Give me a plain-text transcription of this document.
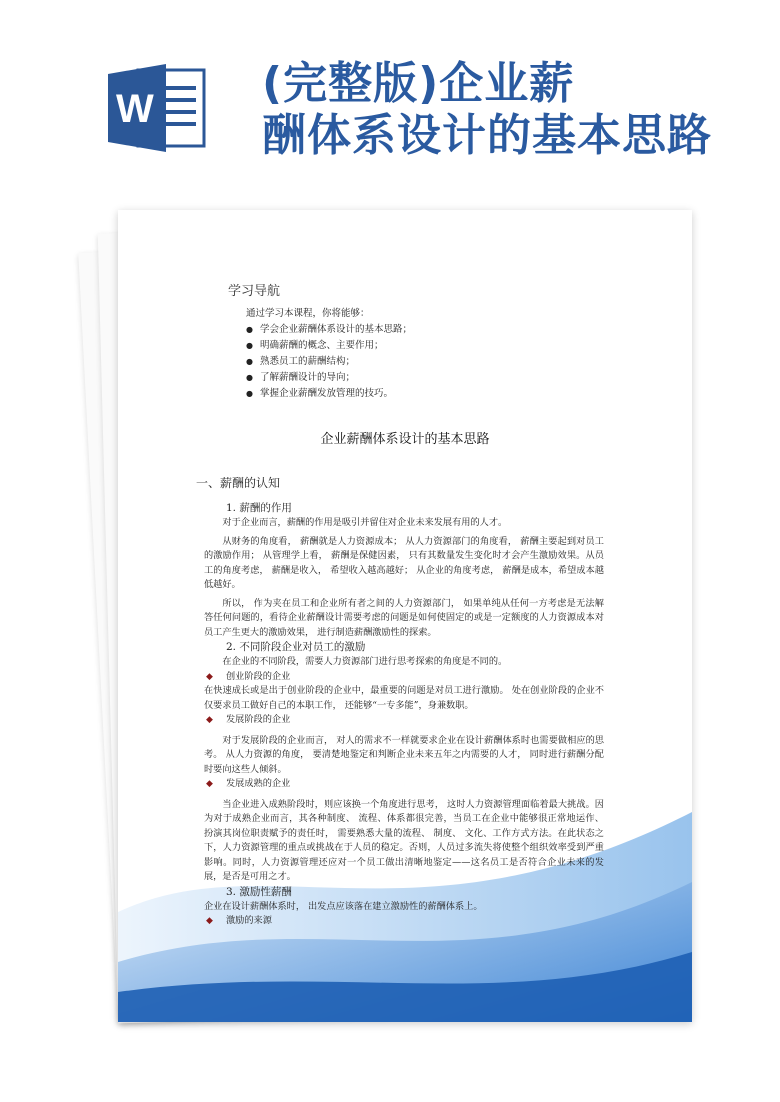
W (完整版)企业薪
酬体系设计的基本思路
学习导航
通过学习本课程，你将能够：
● 学会企业薪酬体系设计的基本思路；
● 明确薪酬的概念、主要作用；
● 熟悉员工的薪酬结构；
● 了解薪酬设计的导向；
● 掌握企业薪酬发放管理的技巧。
企业薪酬体系设计的基本思路

一、薪酬的认知

1. 薪酬的作用

对于企业而言，薪酬的作用是吸引并留住对企业未来发展有用的人才。

从财务的角度看， 薪酬就是人力资源成本； 从人力资源部门的角度看， 薪酬主要起到对员工的激励作用； 从管理学上看， 薪酬是保健因素， 只有其数量发生变化时才会产生激励效果。从员工的角度考虑， 薪酬是收入， 希望收入越高越好； 从企业的角度考虑， 薪酬是成本，希望成本越低越好。

所以， 作为夹在员工和企业所有者之间的人力资源部门， 如果单纯从任何一方考虑是无法解答任何问题的，看待企业薪酬设计需要考虑的问题是如何使固定的或是一定额度的人力资源成本对员工产生更大的激励效果， 进行制造薪酬激励性的探索。

2. 不同阶段企业对员工的激励

在企业的不同阶段，需要人力资源部门进行思考探索的角度是不同的。

◆ 创业阶段的企业

在快速成长或是出于创业阶段的企业中，最重要的问题是对员工进行激励。 处在创业阶段的企业不仅要求员工做好自己的本职工作， 还能够“一专多能”，身兼数职。

◆ 发展阶段的企业

对于发展阶段的企业而言， 对人的需求不一样就要求企业在设计薪酬体系时也需要做相应的思考。 从人力资源的角度， 要清楚地鉴定和判断企业未来五年之内需要的人才， 同时进行薪酬分配时要向这些人倾斜。

◆ 发展成熟的企业

当企业进入成熟阶段时，则应该换一个角度进行思考， 这时人力资源管理面临着最大挑战。因为对于成熟企业而言，其各种制度、 流程、体系都很完善，当员工在企业中能够很正常地运作、 扮演其岗位职责赋予的责任时， 需要熟悉大量的流程、 制度、 文化、工作方式方法。在此状态之下，人力资源管理的重点或挑战在于人员的稳定。否则，人员过多流失将使整个组织效率受到严重影响。同时，人力资源管理还应对一个员工做出清晰地鉴定——这名员工是否符合企业未来的发展，是否是可用之才。

3. 激励性薪酬

企业在设计薪酬体系时， 出发点应该落在建立激励性的薪酬体系上。

◆ 激励的来源
